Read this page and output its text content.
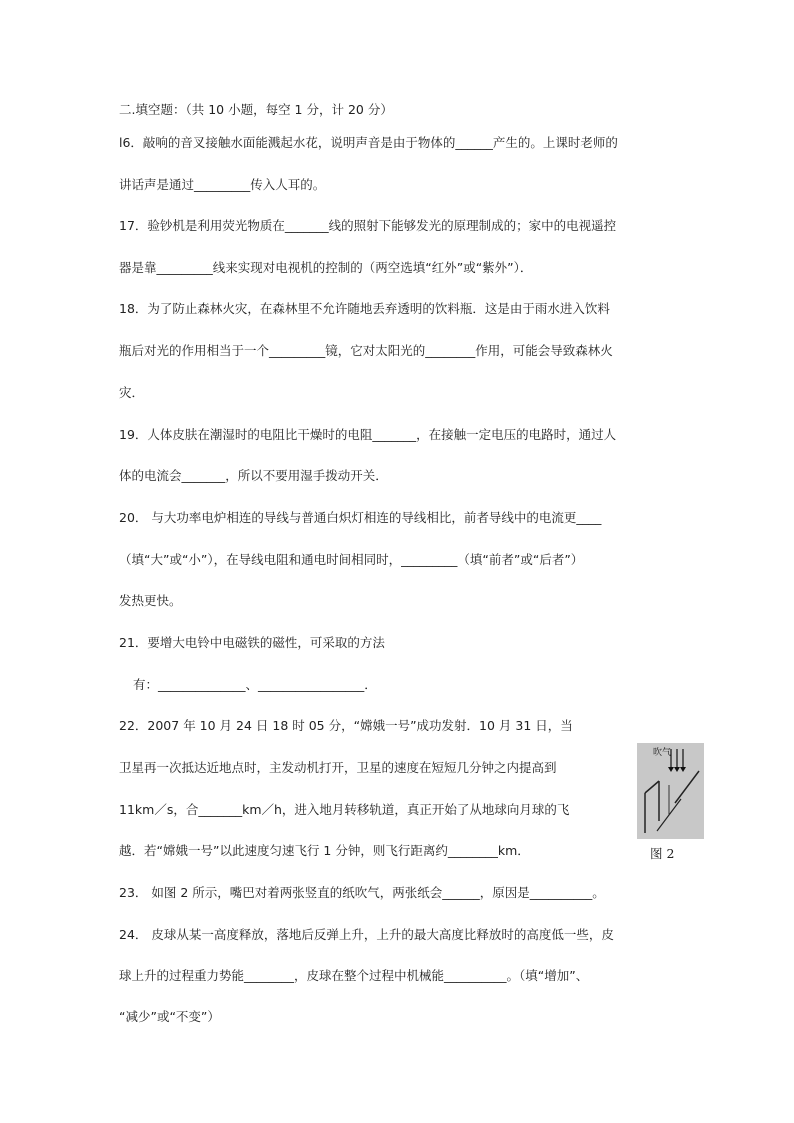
二.填空题：（共 10 小题，每空 1 分，计 20 分）
l6．敲响的音叉接触水面能溅起水花，说明声音是由于物体的______产生的。上课时老师的
讲话声是通过_________传入人耳的。
17．验钞机是利用荧光物质在_______线的照射下能够发光的原理制成的；家中的电视遥控
器是靠_________线来实现对电视机的控制的（两空选填“红外”或“紫外”）．
18．为了防止森林火灾，在森林里不允许随地丢弃透明的饮料瓶．这是由于雨水进入饮料
瓶后对光的作用相当于一个_________镜，它对太阳光的________作用，可能会导致森林火
灾．
19．人体皮肤在潮湿时的电阻比干燥时的电阻_______，在接触一定电压的电路时，通过人
体的电流会_______，所以不要用湿手拨动开关．
20． 与大功率电炉相连的导线与普通白炽灯相连的导线相比，前者导线中的电流更____
（填“大”或“小”），在导线电阻和通电时间相同时，_________（填“前者”或“后者”）
发热更快。
21．要增大电铃中电磁铁的磁性，可采取的方法
有：______________、_________________．
22．2007 年 10 月 24 日 18 时 05 分，“嫦娥一号”成功发射．10 月 31 日，当
卫星再一次抵达近地点时，主发动机打开，卫星的速度在短短几分钟之内提高到
11km／s，合_______km／h，进入地月转移轨道，真正开始了从地球向月球的飞
越．若“嫦娥一号”以此速度匀速飞行 1 分钟，则飞行距离约________km．
23． 如图 2 所示，嘴巴对着两张竖直的纸吹气，两张纸会______，原因是__________。
24． 皮球从某一高度释放，落地后反弹上升，上升的最大高度比释放时的高度低一些，皮
球上升的过程重力势能________，皮球在整个过程中机械能__________。（填“增加”、
“减少”或“不变”）
吹气
图 2
